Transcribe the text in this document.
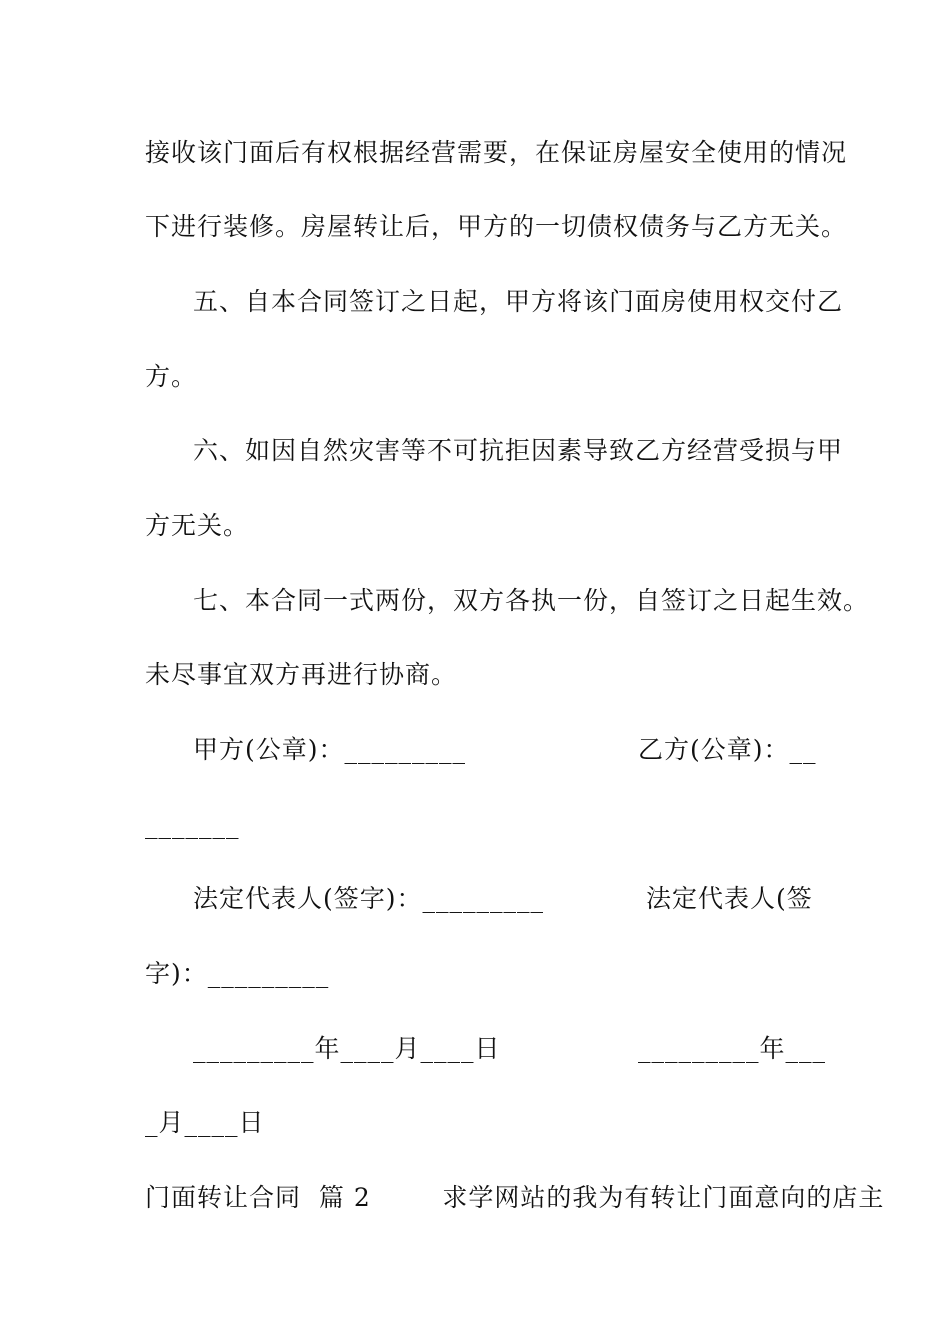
接收该门面后有权根据经营需要，在保证房屋安全使用的情况
下进行装修。房屋转让后，甲方的一切债权债务与乙方无关。
五、自本合同签订之日起，甲方将该门面房使用权交付乙
方。
六、如因自然灾害等不可抗拒因素导致乙方经营受损与甲
方无关。
七、本合同一式两份，双方各执一份，自签订之日起生效。
未尽事宜双方再进行协商。
甲方(公章)：_________	乙方(公章)：__
_______
法定代表人(签字)：_________	法定代表人(签
字)：_________
_________年____月____日	_________年___
_月____日
门面转让合同  篇 2        求学网站的我为有转让门面意向的店主
